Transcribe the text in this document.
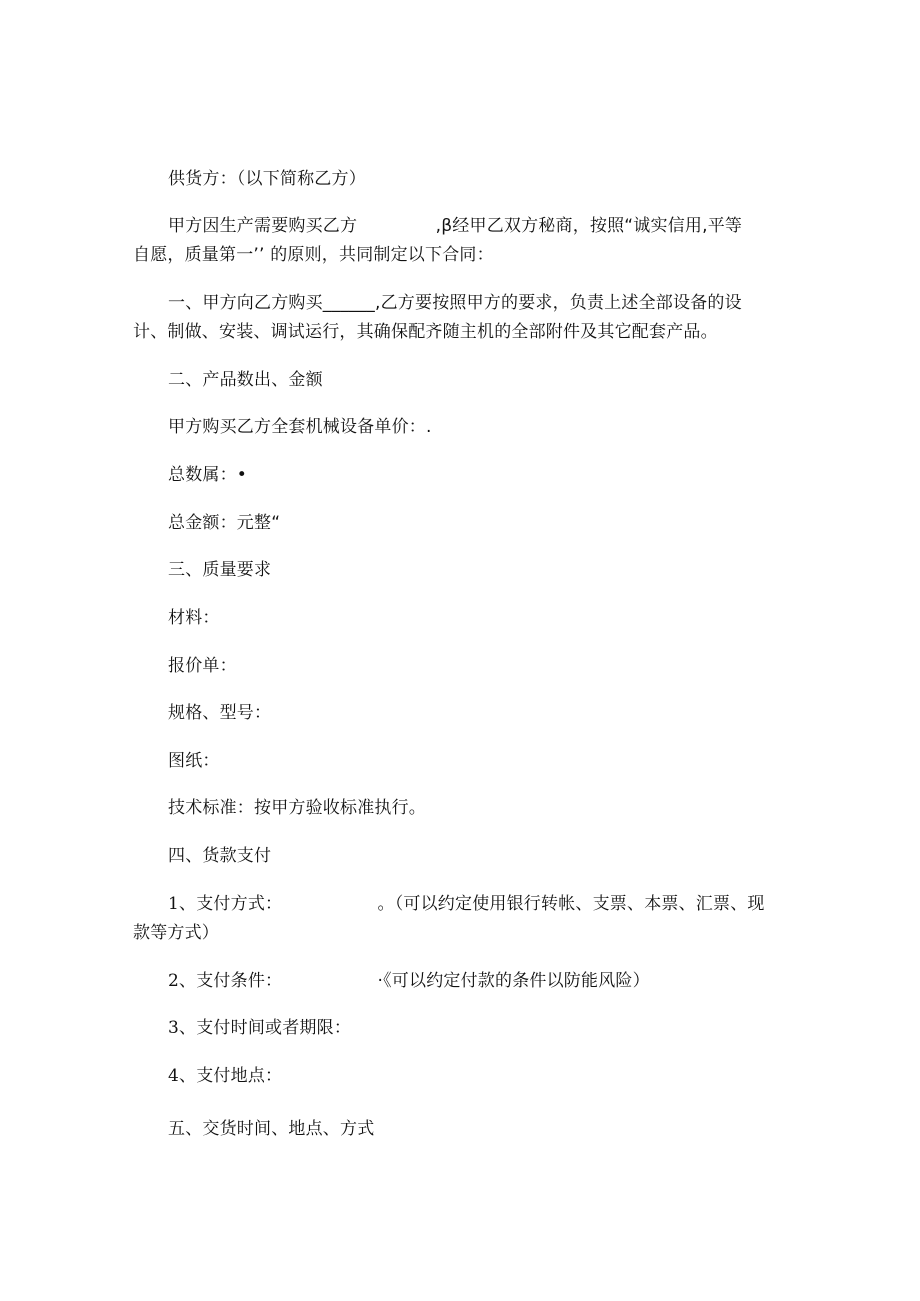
供货方：（以下简称乙方）
甲方因生产需要购买乙方              ,β经甲乙双方秘商，按照“诚实信用,平等
自愿，质量第一’’ 的原则，共同制定以下合同：
一、甲方向乙方购买______,乙方要按照甲方的要求，负责上述全部设备的设
计、制做、安装、调试运行，其确保配齐随主机的全部附件及其它配套产品。
二、产品数出、金额
甲方购买乙方全套机械设备单价：.
总数属：•
总金额：元整“
三、质量要求
材料：
报价单：
规格、型号：
图纸：
技术标准：按甲方验收标准执行。
四、货款支付
1、支付方式：                 。（可以约定使用银行转帐、支票、本票、汇票、现
款等方式）
2、支付条件：                 ·《可以约定付款的条件以防能风险）
3、支付时间或者期限：
4、支付地点：
五、交货时间、地点、方式
